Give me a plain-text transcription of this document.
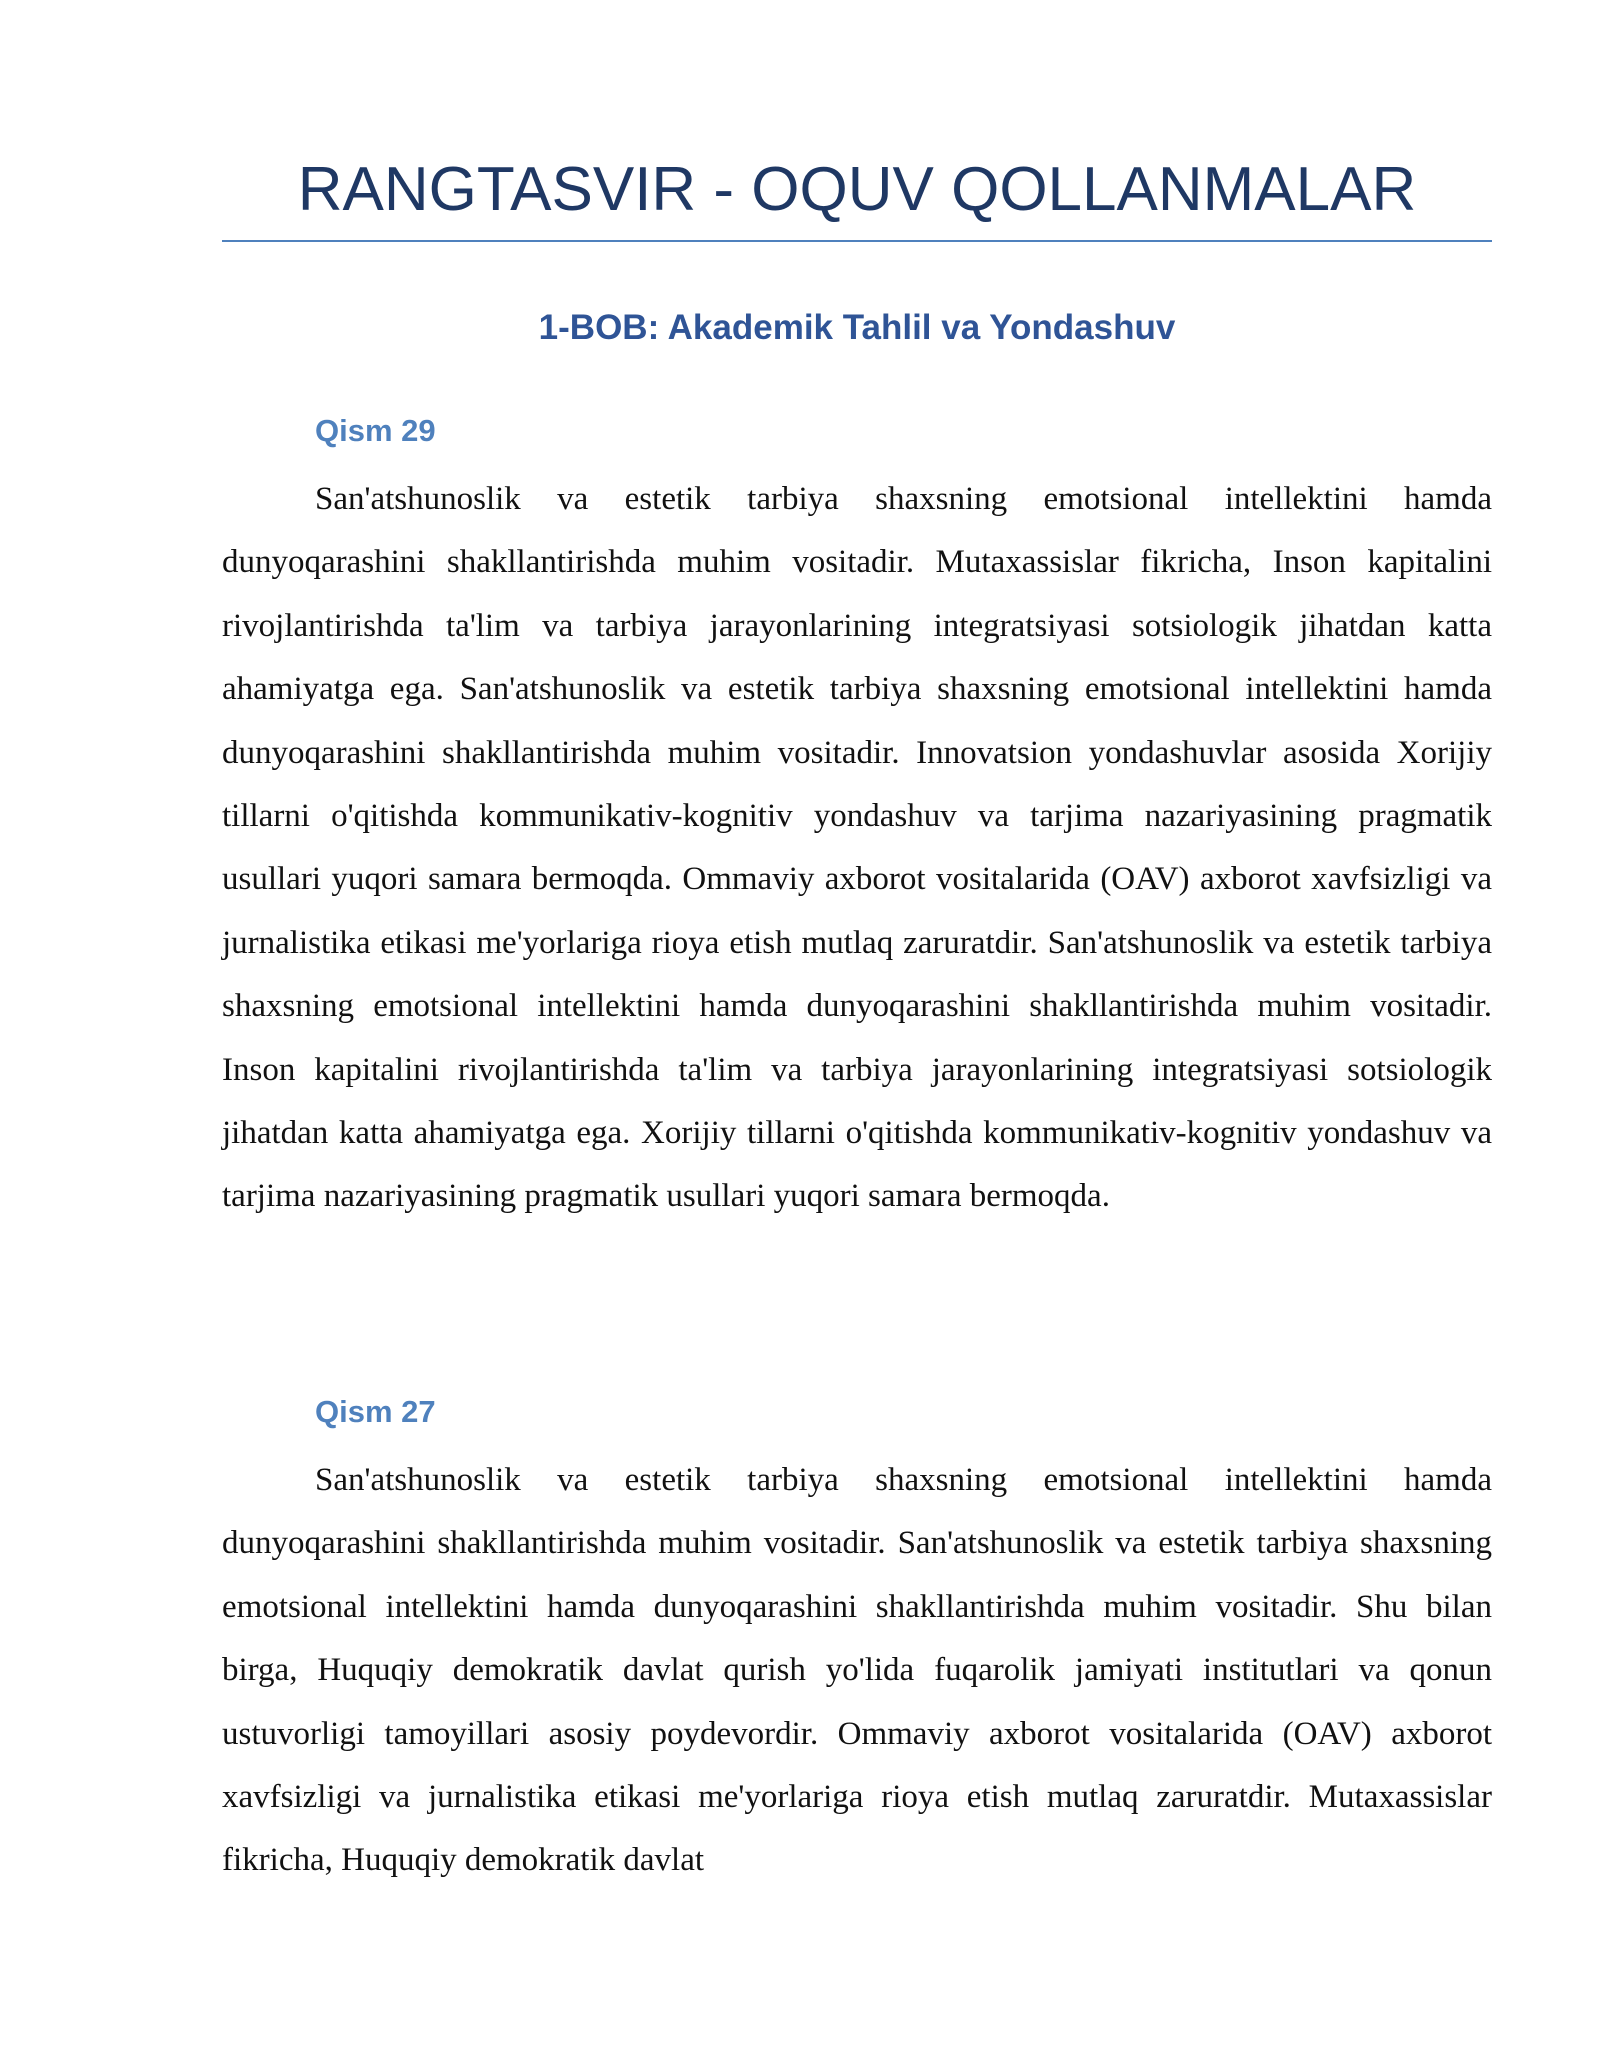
RANGTASVIR - OQUV QOLLANMALAR
1-BOB: Akademik Tahlil va Yondashuv
Qism 29

San'atshunoslik va estetik tarbiya shaxsning emotsional intellektini hamda dunyoqarashini shakllantirishda muhim vositadir. Mutaxassislar fikricha, Inson kapitalini rivojlantirishda ta'lim va tarbiya jarayonlarining integratsiyasi sotsiologik jihatdan katta ahamiyatga ega. San'atshunoslik va estetik tarbiya shaxsning emotsional intellektini hamda dunyoqarashini shakllantirishda muhim vositadir. Innovatsion yondashuvlar asosida Xorijiy tillarni o'qitishda kommunikativ-kognitiv yondashuv va tarjima nazariyasining pragmatik usullari yuqori samara bermoqda. Ommaviy axborot vositalarida (OAV) axborot xavfsizligi va jurnalistika etikasi me'yorlariga rioya etish mutlaq zaruratdir. San'atshunoslik va estetik tarbiya shaxsning emotsional intellektini hamda dunyoqarashini shakllantirishda muhim vositadir. Inson kapitalini rivojlantirishda ta'lim va tarbiya jarayonlarining integratsiyasi sotsiologik jihatdan katta ahamiyatga ega. Xorijiy tillarni o'qitishda kommunikativ-kognitiv yondashuv va tarjima nazariyasining pragmatik usullari yuqori samara bermoqda.

Qism 27

San'atshunoslik va estetik tarbiya shaxsning emotsional intellektini hamda dunyoqarashini shakllantirishda muhim vositadir. San'atshunoslik va estetik tarbiya shaxsning emotsional intellektini hamda dunyoqarashini shakllantirishda muhim vositadir. Shu bilan birga, Huquqiy demokratik davlat qurish yo'lida fuqarolik jamiyati institutlari va qonun ustuvorligi tamoyillari asosiy poydevordir. Ommaviy axborot vositalarida (OAV) axborot xavfsizligi va jurnalistika etikasi me'yorlariga rioya etish mutlaq zaruratdir. Mutaxassislar fikricha, Huquqiy demokratik davlat
